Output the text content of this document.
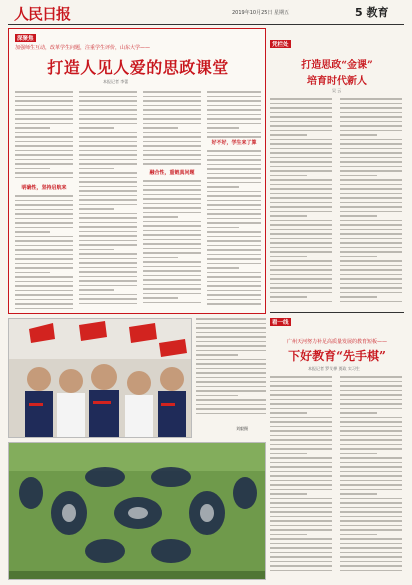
人民日报	2019年10月25日 星期五	5 教育
深聚焦
加强师生互动，改革学生问题，注重学生评价，山东大学——
打造人见人爱的思政课堂
本报记者 李蕾
明确性，坚持启航来
融合性，重链真问题
好不好，学生来了算
凭栏处
打造思政“金课”
培育时代新人
吴 云
刘毅摄
看一线
广州天河努力补足高质量发展的教育短板——
下好教育“先手棋”
本报记者 罗艾桦 贾政 实习生
